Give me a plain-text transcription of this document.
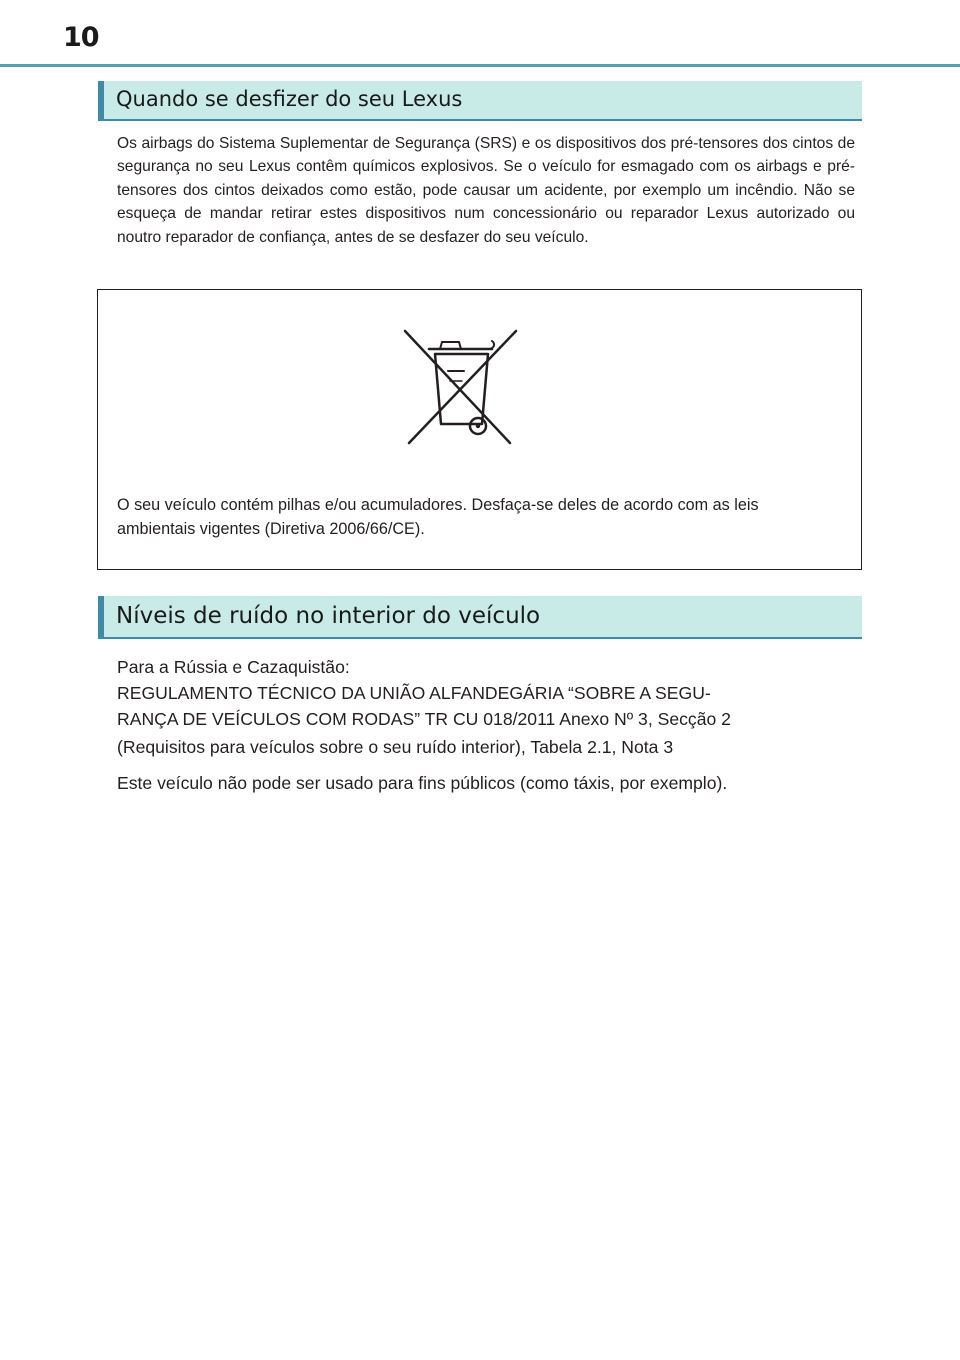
10
Quando se desfizer do seu Lexus
Os airbags do Sistema Suplementar de Segurança (SRS) e os dispositivos dos pré-tensores dos cintos de segurança no seu Lexus contêm químicos explosivos. Se o veículo for esmagado com os airbags e pré-tensores dos cintos deixados como estão, pode causar um acidente, por exemplo um incêndio. Não se esqueça de mandar retirar estes dispositivos num concessionário ou reparador Lexus autorizado ou noutro reparador de confiança, antes de se desfazer do seu veículo.
O seu veículo contém pilhas e/ou acumuladores. Desfaça-se deles de acordo com as leis ambientais vigentes (Diretiva 2006/66/CE).
Níveis de ruído no interior do veículo
Para a Rússia e Cazaquistão:
REGULAMENTO TÉCNICO DA UNIÃO ALFANDEGÁRIA “SOBRE A SEGU-
RANÇA DE VEÍCULOS COM RODAS” TR CU 018/2011 Anexo Nº 3, Secção 2
(Requisitos para veículos sobre o seu ruído interior), Tabela 2.1, Nota 3
Este veículo não pode ser usado para fins públicos (como táxis, por exemplo).
